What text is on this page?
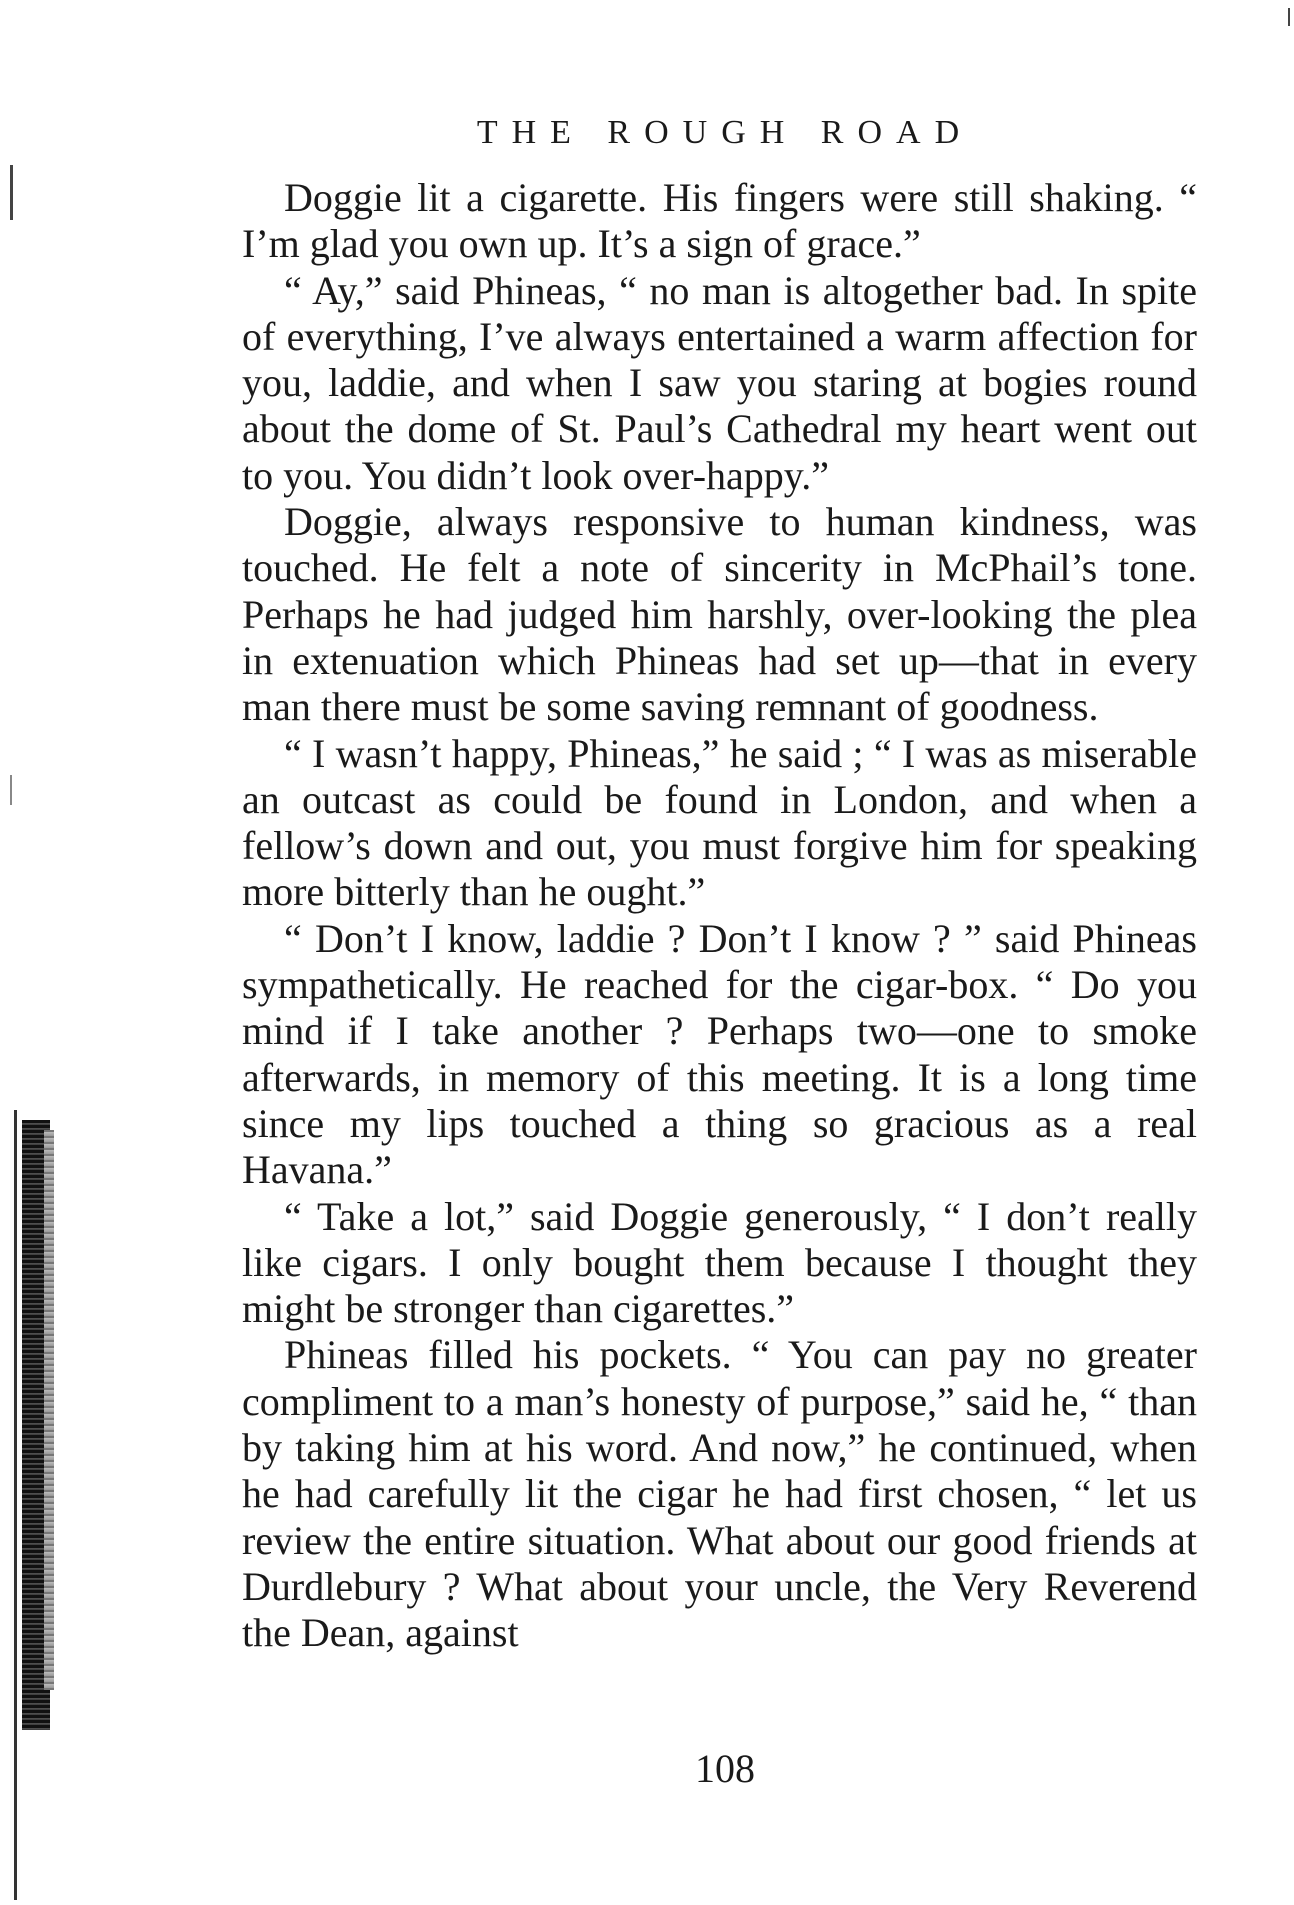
THE ROUGH ROAD

Doggie lit a cigarette. His fingers were still shaking. “ I’m glad you own up. It’s a sign of grace.”

“ Ay,” said Phineas, “ no man is altogether bad. In spite of everything, I’ve always entertained a warm affection for you, laddie, and when I saw you staring at bogies round about the dome of St. Paul’s Cathedral my heart went out to you. You didn’t look over-happy.”

Doggie, always responsive to human kindness, was touched. He felt a note of sincerity in McPhail’s tone. Perhaps he had judged him harshly, over-looking the plea in extenuation which Phineas had set up—that in every man there must be some saving remnant of goodness.

“ I wasn’t happy, Phineas,” he said ; “ I was as miserable an outcast as could be found in London, and when a fellow’s down and out, you must forgive him for speaking more bitterly than he ought.”

“ Don’t I know, laddie ? Don’t I know ? ” said Phineas sympathetically. He reached for the cigar-box. “ Do you mind if I take another ? Perhaps two—one to smoke afterwards, in memory of this meeting. It is a long time since my lips touched a thing so gracious as a real Havana.”

“ Take a lot,” said Doggie generously, “ I don’t really like cigars. I only bought them because I thought they might be stronger than cigarettes.”

Phineas filled his pockets. “ You can pay no greater compliment to a man’s honesty of purpose,” said he, “ than by taking him at his word. And now,” he continued, when he had carefully lit the cigar he had first chosen, “ let us review the entire situation. What about our good friends at Durdlebury ? What about your uncle, the Very Reverend the Dean, against

108
